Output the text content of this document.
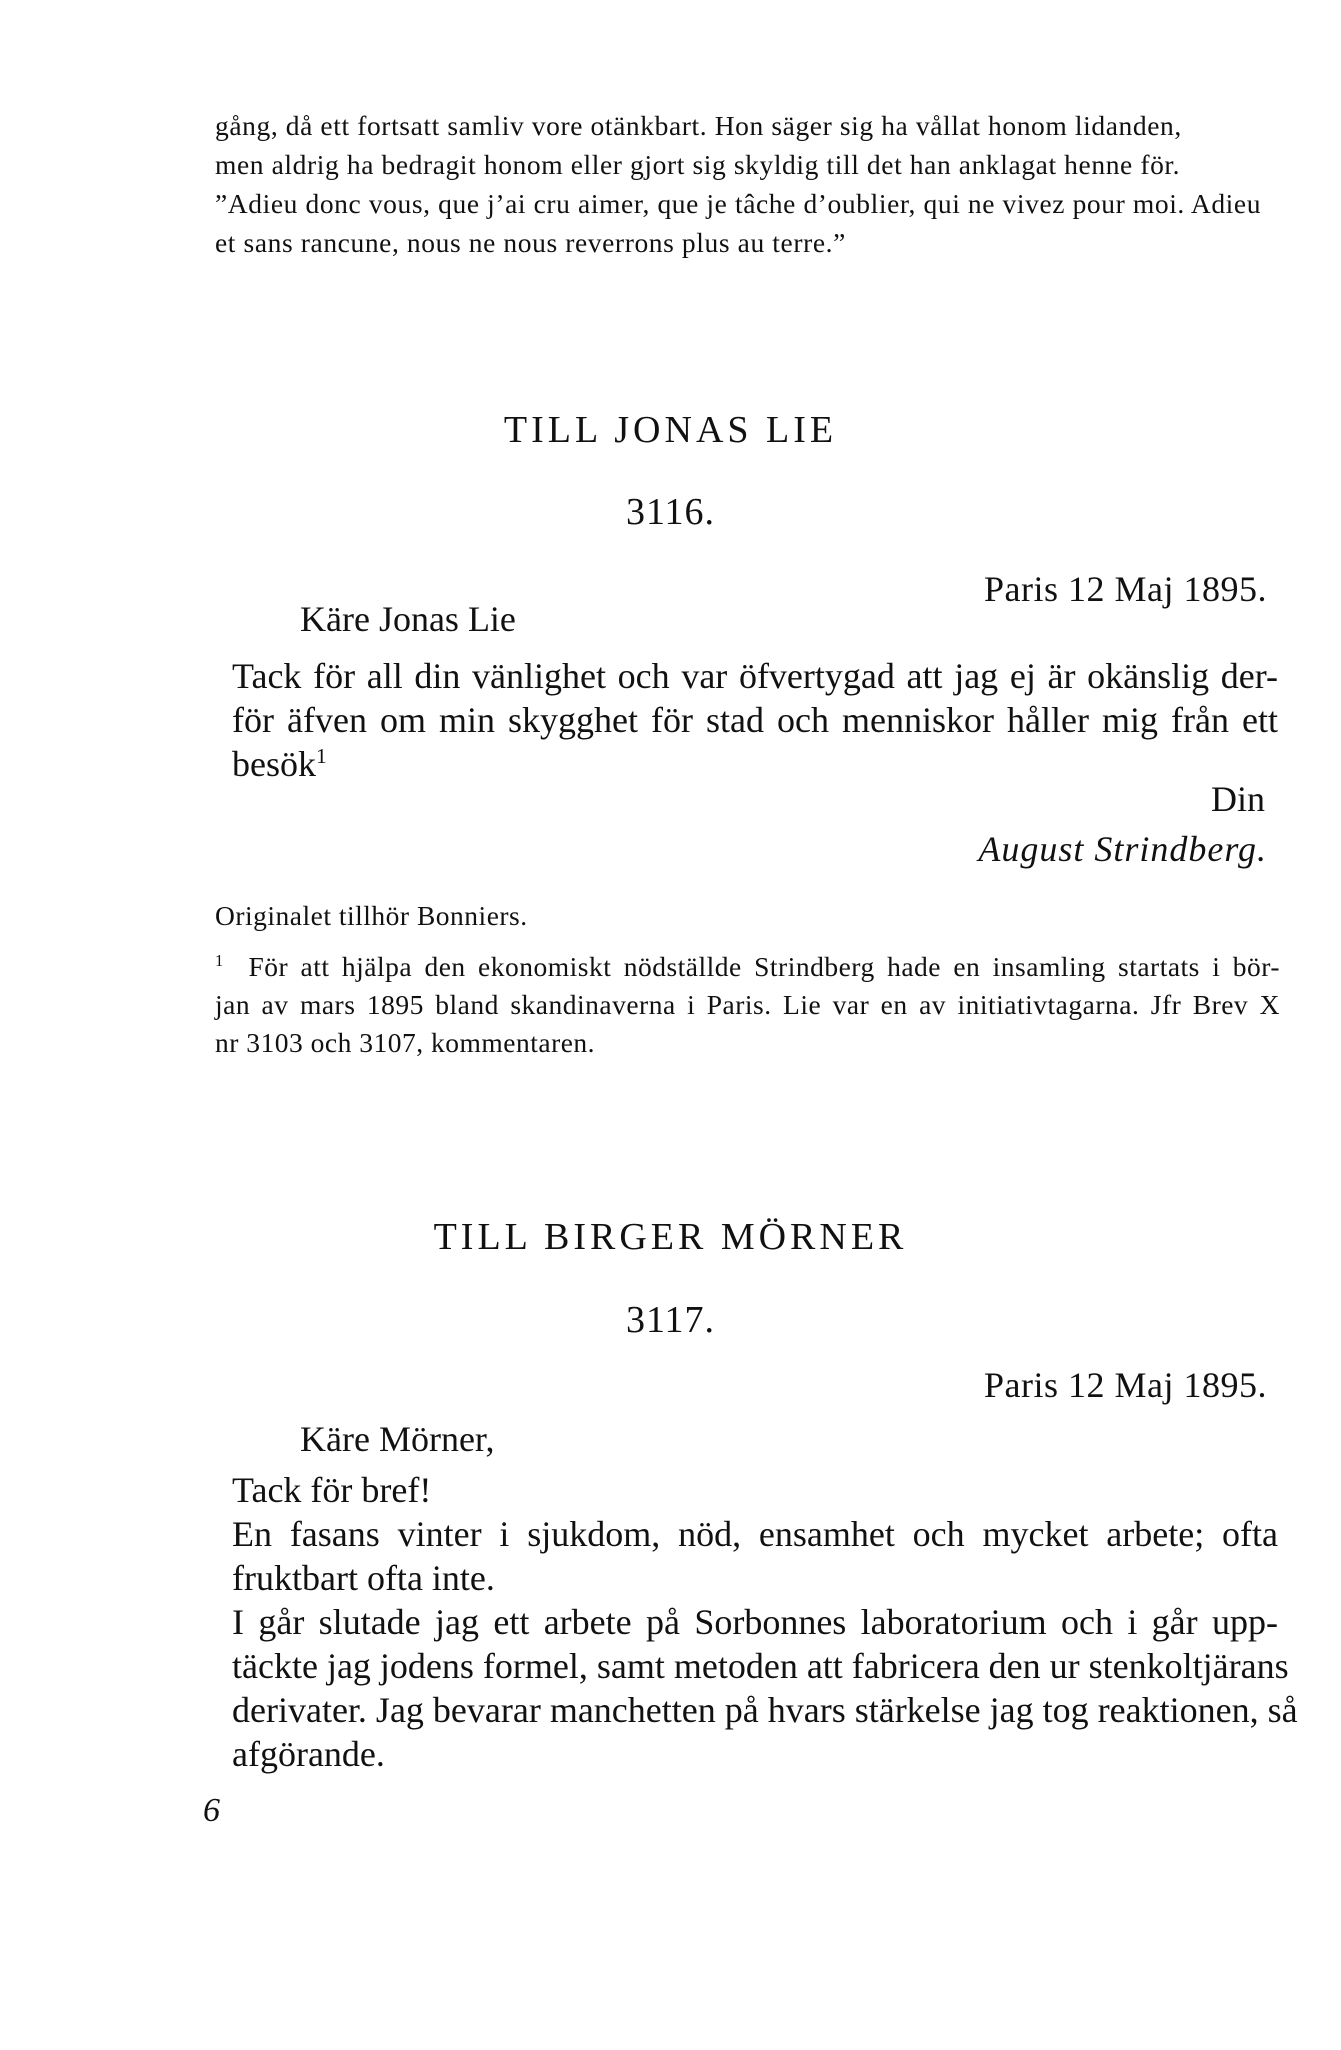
gång, då ett fortsatt samliv vore otänkbart. Hon säger sig ha vållat honom lidanden,
men aldrig ha bedragit honom eller gjort sig skyldig till det han anklagat henne för.
”Adieu donc vous, que j’ai cru aimer, que je tâche d’oublier, qui ne vivez pour moi. Adieu
et sans rancune, nous ne nous reverrons plus au terre.”
TILL JONAS LIE
3116.
Paris 12 Maj 1895.
Käre Jonas Lie
Tack för all din vänlighet och var öfvertygad att jag ej är okänslig der-
för äfven om min skygghet för stad och menniskor håller mig från ett
besök$^1$
Din
August Strindberg.
Originalet tillhör Bonniers.
$^1$ För att hjälpa den ekonomiskt nödställde Strindberg hade en insamling startats i bör-
jan av mars 1895 bland skandinaverna i Paris. Lie var en av initiativtagarna. Jfr Brev X
nr 3103 och 3107, kommentaren.
TILL BIRGER MÖRNER
3117.
Paris 12 Maj 1895.
Käre Mörner,
Tack för bref!
En fasans vinter i sjukdom, nöd, ensamhet och mycket arbete; ofta
fruktbart ofta inte.
I går slutade jag ett arbete på Sorbonnes laboratorium och i går upp-
täckte jag jodens formel, samt metoden att fabricera den ur stenkoltjärans
derivater. Jag bevarar manchetten på hvars stärkelse jag tog reaktionen, så
afgörande.
6
